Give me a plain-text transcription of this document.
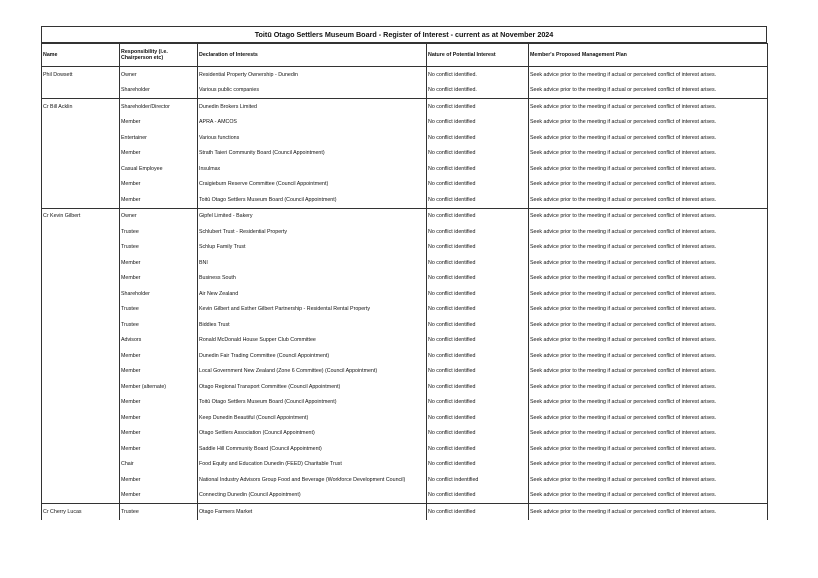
Toitū Otago Settlers Museum Board - Register of Interest - current as at November 2024
Name	Responsibility (i.e. Chairperson etc)	Declaration of Interests	Nature of Potential Interest	Member's Proposed Management Plan
Phil Dowsett	Owner	Residential Property Ownership - Dunedin	No conflict identified.	Seek advice prior to the meeting if actual or perceived conflict of interest arises.
	Shareholder	Various public companies	No conflict identified.	Seek advice prior to the meeting if actual or perceived conflict of interest arises.
Cr Bill Acklin	Shareholder/Director	Dunedin Brokers Limited	No conflict identified	Seek advice prior to the meeting if actual or perceived conflict of interest arises.
	Member	APRA - AMCOS	No conflict identified	Seek advice prior to the meeting if actual or perceived conflict of interest arises.
	Entertainer	Various functions	No conflict identified	Seek advice prior to the meeting if actual or perceived conflict of interest arises.
	Member	Strath Taieri Community Board (Council Appointment)	No conflict identified	Seek advice prior to the meeting if actual or perceived conflict of interest arises.
	Casual Employee	Insulmax	No conflict identified	Seek advice prior to the meeting if actual or perceived conflict of interest arises.
	Member	Craigieburn Reserve Committee (Council Appointment)	No conflict identified	Seek advice prior to the meeting if actual or perceived conflict of interest arises.
	Member	Toitū Otago Settlers Museum Board (Council Appointment)	No conflict identified	Seek advice prior to the meeting if actual or perceived conflict of interest arises.
Cr Kevin Gilbert	Owner	Gipfel Limited - Bakery	No conflict identified	Seek advice prior to the meeting if actual or perceived conflict of interest arises.
	Trustee	Schlubert Trust - Residential Property	No conflict identified	Seek advice prior to the meeting if actual or perceived conflict of interest arises.
	Trustee	Schlup Family Trust	No conflict identified	Seek advice prior to the meeting if actual or perceived conflict of interest arises.
	Member	BNI	No conflict identified	Seek advice prior to the meeting if actual or perceived conflict of interest arises.
	Member	Business South	No conflict identified	Seek advice prior to the meeting if actual or perceived conflict of interest arises.
	Shareholder	Air New Zealand	No conflict identified	Seek advice prior to the meeting if actual or perceived conflict of interest arises.
	Trustee	Kevin Gilbert and Esther Gilbert Partnership - Residental Rental Property	No conflict identified	Seek advice prior to the meeting if actual or perceived conflict of interest arises.
	Trustee	Biddies Trust	No conflict identified	Seek advice prior to the meeting if actual or perceived conflict of interest arises.
	Advisors	Ronald McDonald House Supper Club Committee	No conflict identified	Seek advice prior to the meeting if actual or perceived conflict of interest arises.
	Member	Dunedin Fair Trading Committee (Council Appointment)	No conflict identified	Seek advice prior to the meeting if actual or perceived conflict of interest arises.
	Member	Local Government New Zealand (Zone 6 Committee) (Council Appointment)	No conflict identified	Seek advice prior to the meeting if actual or perceived conflict of interest arises.
	Member (alternate)	Otago Regional Transport Committee (Council Appointment)	No conflict identified	Seek advice prior to the meeting if actual or perceived conflict of interest arises.
	Member	Toitū Otago Settlers Museum Board (Council Appointment)	No conflict identified	Seek advice prior to the meeting if actual or perceived conflict of interest arises.
	Member	Keep Dunedin Beautiful (Council Appointment)	No conflict identified	Seek advice prior to the meeting if actual or perceived conflict of interest arises.
	Member	Otago Settlers Association (Council Appointment)	No conflict identified	Seek advice prior to the meeting if actual or perceived conflict of interest arises.
	Member	Saddle Hill Community Board (Council Appointment)	No conflict identified	Seek advice prior to the meeting if actual or perceived conflict of interest arises.
	Chair	Food Equity and Education Dunedin (FEED) Charitable Trust	No conflict identified	Seek advice prior to the meeting if actual or perceived conflict of interest arises.
	Member	National Industry Advisors Group Food and Beverage (Workforce Development Council)	No conflict indentified	Seek advice prior to the meeting if actual or perceived conflict of interest arises.
	Member	Connecting Dunedin (Council Appointment)	No conflict identified	Seek advice prior to the meeting if actual or perceived conflict of interest arises.
Cr Cherry Lucas	Trustee	Otago Farmers Market	No conflict identified	Seek advice prior to the meeting if actual or perceived conflict of interest arises.
